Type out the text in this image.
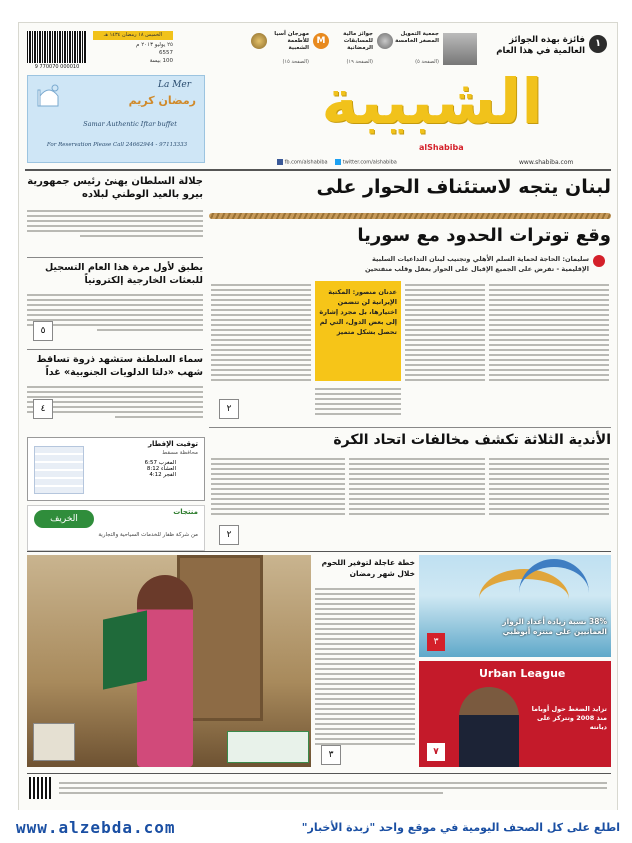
9 770070 000010
الخميس ١٨ رمضان ١٤٣٤ هـ
٢٥ يوليو ٢٠١٣ م
6557
100 بيسة
مهرجان آسيا للأطعمة الشعبية
(الصفحة ١٥)
M
جوائز مالية للمسابقات الرمضانية
(الصفحة ١٩)
جمعية التمويل المصغر الخامسة
(الصفحة ٥)
فائزة بهذه الجوائز العالمية في هذا العام
١
La Mer
رمضان كريم
Samar Authentic Iftar buffet
For Reservation Please Call 24662944 - 97113333
الشبيبة
alShabiba
fb.com/alshabiba	twitter.com/alshabiba	www.shabiba.com
جلالة السلطان يهنئ رئيس جمهورية بيرو بالعيد الوطني لبلاده
يطبق لأول مرة هذا العام التسجيل للبعثات الخارجية إلكترونياً
٥
سماء السلطنة ستشهد ذروة تساقط شهب «دلتا الدلويات الجنوبية» غداً
٤
توقيت الإفطار
محافظة مسقط
المغرب 6:57
العشاء 8:12
الفجر 4:12
منتجات
الخريف
من شركة ظفار للخدمات السياحية والتجارية
لبنان يتجه لاستئناف الحوار على
وقع توترات الحدود مع سوريا
سليمان: الحاجة لحماية السلم الأهلي وتجنيب لبنان التداعيات السلبية
الإقليمية - تفرض على الجميع الإقبال على الحوار بعقل وقلب منفتحين
عدنان منصور: المكتبة الإيرانية لن تتضمن اختيارها، بل مجرد إشارة إلى بعض الدول، التي لم تحصل بشكل متميز
٢
الأندية الثلاثة تكشف مخالفات اتحاد الكرة
٢
خطة عاجلة لتوفير اللحوم خلال شهر رمضان
٣
38% نسبة زيادة أعداد الزوار العمانيين على منتزه أبوظبي
٣
Urban League
تزايد الضغط حول أوباما منذ 2008 وتتركز على ديانته
٧
www.alzebda.com	اطلع على كل الصحف اليومية في موقع واحد "زبدة الأخبار"
